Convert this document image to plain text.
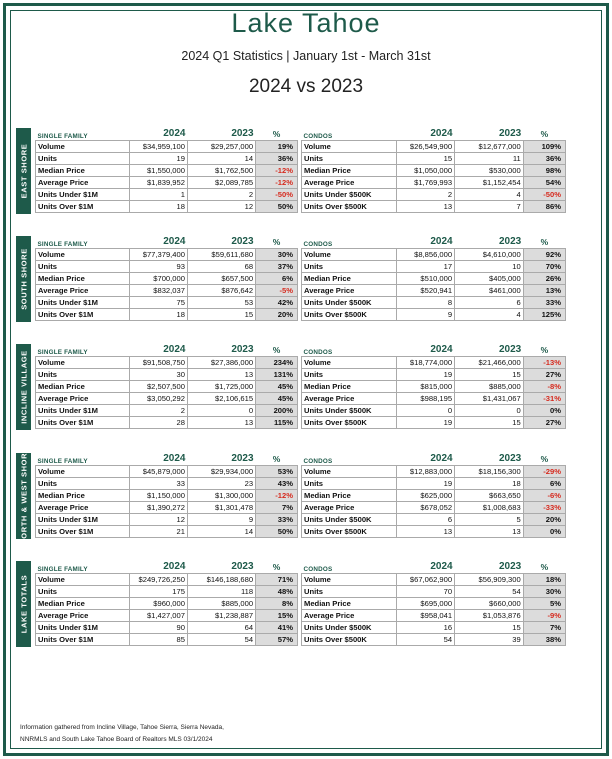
Lake Tahoe
2024 Q1 Statistics | January 1st - March 31st
2024 vs 2023
EAST SHORE
SINGLE FAMILY	2024	2023	%
Volume	$34,959,100	$29,257,000	19%
Units	19	14	36%
Median Price	$1,550,000	$1,762,500	-12%
Average Price	$1,839,952	$2,089,785	-12%
Units Under $1M	1	2	-50%
Units Over $1M	18	12	50%
CONDOS	2024	2023	%
Volume	$26,549,900	$12,677,000	109%
Units	15	11	36%
Median Price	$1,050,000	$530,000	98%
Average Price	$1,769,993	$1,152,454	54%
Units Under $500K	2	4	-50%
Units Over $500K	13	7	86%
SOUTH SHORE
SINGLE FAMILY	2024	2023	%
Volume	$77,379,400	$59,611,680	30%
Units	93	68	37%
Median Price	$700,000	$657,500	6%
Average Price	$832,037	$876,642	-5%
Units Under $1M	75	53	42%
Units Over $1M	18	15	20%
CONDOS	2024	2023	%
Volume	$8,856,000	$4,610,000	92%
Units	17	10	70%
Median Price	$510,000	$405,000	26%
Average Price	$520,941	$461,000	13%
Units Under $500K	8	6	33%
Units Over $500K	9	4	125%
INCLINE VILLAGE SINGLE FAMILY	2024	2023	%
Volume	$91,508,750	$27,386,000	234%
Units	30	13	131%
Median Price	$2,507,500	$1,725,000	45%
Average Price	$3,050,292	$2,106,615	45%
Units Under $1M	2	0	200%
Units Over $1M	28	13	115%
CONDOS	2024	2023	%
Volume	$18,774,000	$21,466,000	-13%
Units	19	15	27%
Median Price	$815,000	$885,000	-8%
Average Price	$988,195	$1,431,067	-31%
Units Under $500K	0	0	0%
Units Over $500K	19	15	27%
NORTH & WEST SHORE SINGLE FAMILY	2024	2023	%
Volume	$45,879,000	$29,934,000	53%
Units	33	23	43%
Median Price	$1,150,000	$1,300,000	-12%
Average Price	$1,390,272	$1,301,478	7%
Units Under $1M	12	9	33%
Units Over $1M	21	14	50%
CONDOS	2024	2023	%
Volume	$12,883,000	$18,156,300	-29%
Units	19	18	6%
Median Price	$625,000	$663,650	-6%
Average Price	$678,052	$1,008,683	-33%
Units Under $500K	6	5	20%
Units Over $500K	13	13	0%
LAKE TOTALS
SINGLE FAMILY	2024	2023	%
Volume	$249,726,250	$146,188,680	71%
Units	175	118	48%
Median Price	$960,000	$885,000	8%
Average Price	$1,427,007	$1,238,887	15%
Units Under $1M	90	64	41%
Units Over $1M	85	54	57%
CONDOS	2024	2023	%
Volume	$67,062,900	$56,909,300	18%
Units	70	54	30%
Median Price	$695,000	$660,000	5%
Average Price	$958,041	$1,053,876	-9%
Units Under $500K	16	15	7%
Units Over $500K	54	39	38%
Information gathered from Incline Village, Tahoe Sierra, Sierra Nevada,
NNRMLS and South Lake Tahoe Board of Realtors MLS 03/1/2024
